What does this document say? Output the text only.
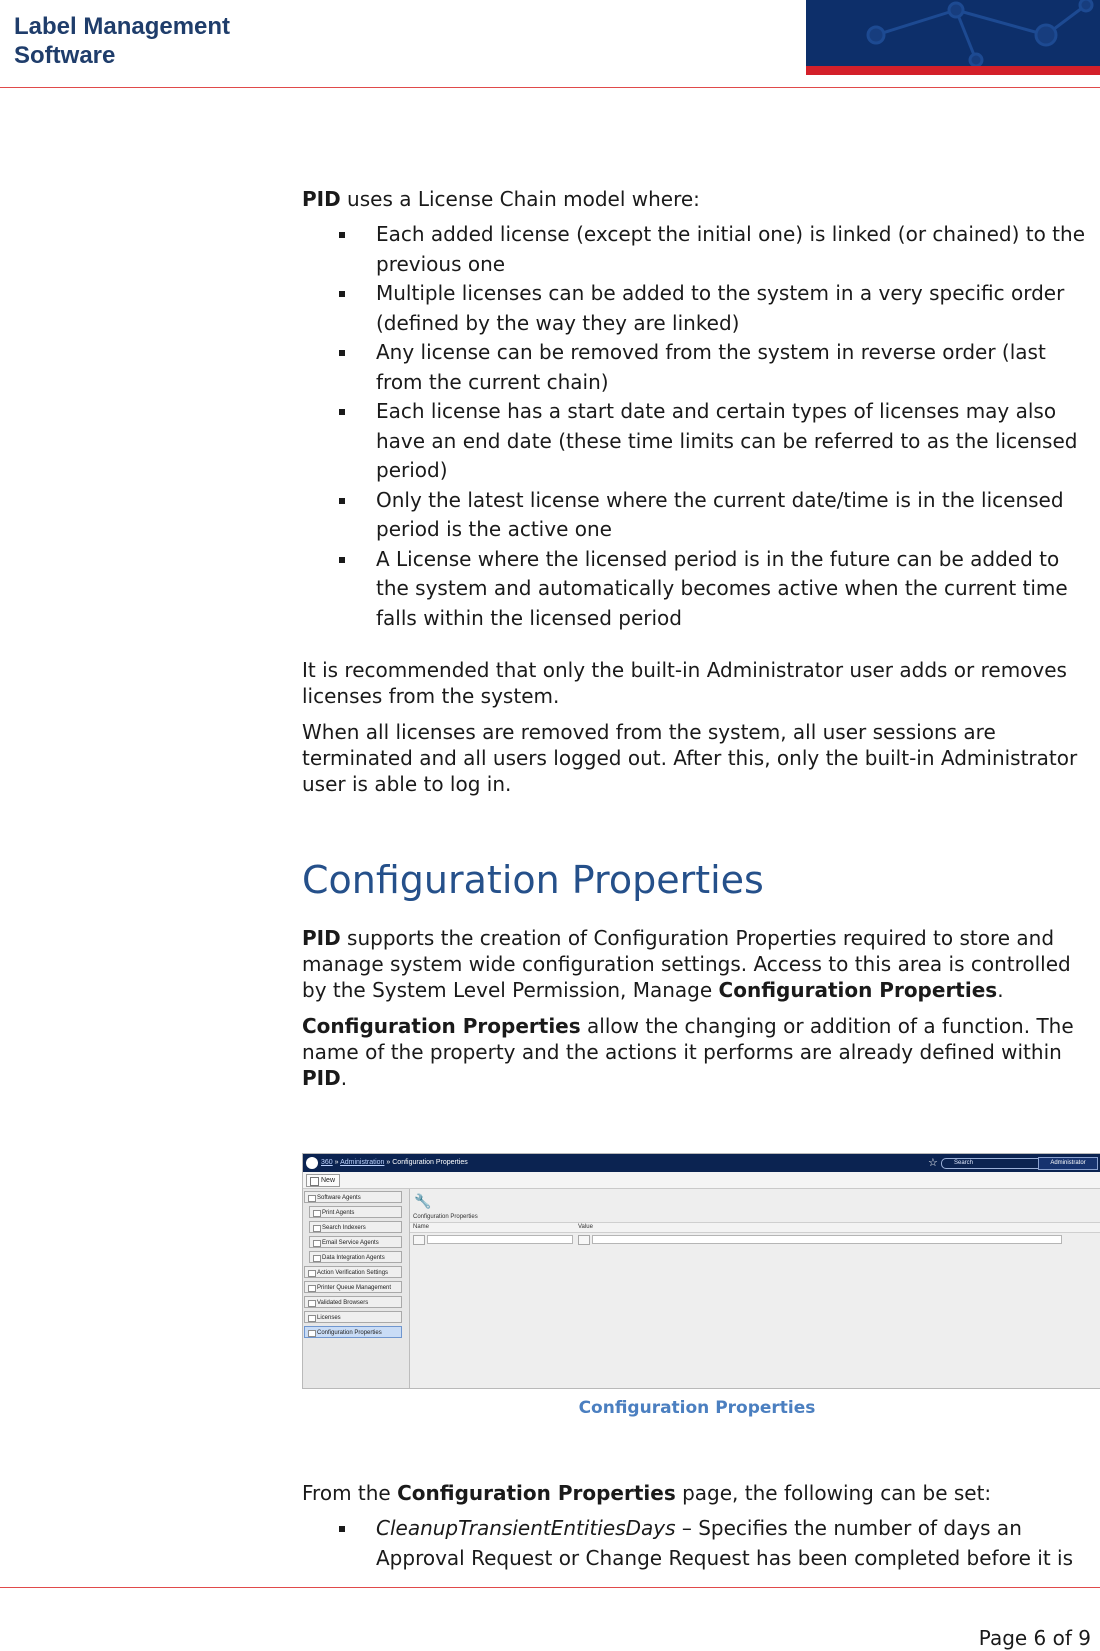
Label Management
Software

PID uses a License Chain model where:

Each added license (except the initial one) is linked (or chained) to the previous one
Multiple licenses can be added to the system in a very specific order (defined by the way they are linked)
Any license can be removed from the system in reverse order (last from the current chain)
Each license has a start date and certain types of licenses may also have an end date (these time limits can be referred to as the licensed period)
Only the latest license where the current date/time is in the licensed period is the active one
A License where the licensed period is in the future can be added to the system and automatically becomes active when the current time falls within the licensed period

It is recommended that only the built-in Administrator user adds or removes licenses from the system.

When all licenses are removed from the system, all user sessions are terminated and all users logged out. After this, only the built-in Administrator user is able to log in.

Configuration Properties

PID supports the creation of Configuration Properties required to store and manage system wide configuration settings. Access to this area is controlled by the System Level Permission, Manage Configuration Properties.

Configuration Properties allow the changing or addition of a function. The name of the property and the actions it performs are already defined within PID.

360 » Administration » Configuration Properties	☆	Search	Administrator
New
Software Agents
Print Agents
Search Indexers
Email Service Agents
Data Integration Agents
Action Verification Settings
Printer Queue Management
Validated Browsers
Licenses
Configuration Properties
🔧
Configuration Properties
Name	Value
Configuration Properties

From the Configuration Properties page, the following can be set:

CleanupTransientEntitiesDays – Specifies the number of days an Approval Request or Change Request has been completed before it is
Page 6 of 9
